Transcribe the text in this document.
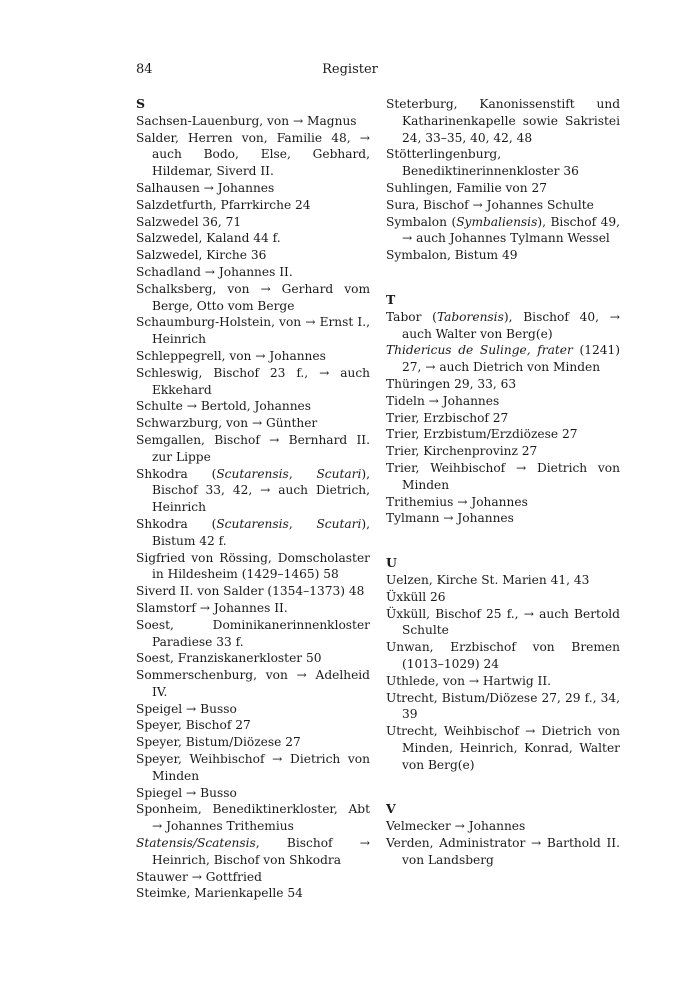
84	Register

S

Sachsen-Lauenburg, von → Magnus

Salder, Herren von, Familie 48, → auch Bodo, Else, Gebhard, Hildemar, Siverd II.

Salhausen → Johannes

Salzdetfurth, Pfarrkirche 24

Salzwedel 36, 71

Salzwedel, Kaland 44 f.

Salzwedel, Kirche 36

Schadland → Johannes II.

Schalksberg, von → Gerhard vom Berge, Otto vom Berge

Schaumburg-Holstein, von → Ernst I., Heinrich

Schleppegrell, von → Johannes

Schleswig, Bischof 23 f., → auch Ekkehard

Schulte → Bertold, Johannes

Schwarzburg, von → Günther

Semgallen, Bischof → Bernhard II. zur Lippe

Shkodra (Scutarensis, Scutari), Bischof 33, 42, → auch Dietrich, Heinrich

Shkodra (Scutarensis, Scutari), Bistum 42 f.

Sigfried von Rössing, Domscholaster in Hildesheim (1429–1465) 58

Siverd II. von Salder (1354–1373) 48

Slamstorf → Johannes II.

Soest, Dominikanerinnenkloster Paradiese 33 f.

Soest, Franziskanerkloster 50

Sommerschenburg, von → Adelheid IV.

Speigel → Busso

Speyer, Bischof 27

Speyer, Bistum/Diözese 27

Speyer, Weihbischof → Dietrich von Minden

Spiegel → Busso

Sponheim, Benediktinerkloster, Abt → Johannes Trithemius

Statensis/Scatensis, Bischof → Heinrich, Bischof von Shkodra

Stauwer → Gottfried

Steimke, Marienkapelle 54

Steterburg, Kanonissenstift und Katharinenkapelle sowie Sakristei 24, 33–35, 40, 42, 48

Stötterlingenburg, Benediktinerinnenkloster 36

Suhlingen, Familie von 27

Sura, Bischof → Johannes Schulte

Symbalon (Symbaliensis), Bischof 49, → auch Johannes Tylmann Wessel

Symbalon, Bistum 49

T

Tabor (Taborensis), Bischof 40, → auch Walter von Berg(e)

Thidericus de Sulinge, frater (1241) 27, → auch Dietrich von Minden

Thüringen 29, 33, 63

Tideln → Johannes

Trier, Erzbischof 27

Trier, Erzbistum/Erzdiözese 27

Trier, Kirchenprovinz 27

Trier, Weihbischof → Dietrich von Minden

Trithemius → Johannes

Tylmann → Johannes

U

Uelzen, Kirche St. Marien 41, 43

Üxküll 26

Üxküll, Bischof 25 f., → auch Bertold Schulte

Unwan, Erzbischof von Bremen (1013–1029) 24

Uthlede, von → Hartwig II.

Utrecht, Bistum/Diözese 27, 29 f., 34, 39

Utrecht, Weihbischof → Dietrich von Minden, Heinrich, Konrad, Walter von Berg(e)

V

Velmecker → Johannes

Verden, Administrator → Barthold II. von Landsberg
